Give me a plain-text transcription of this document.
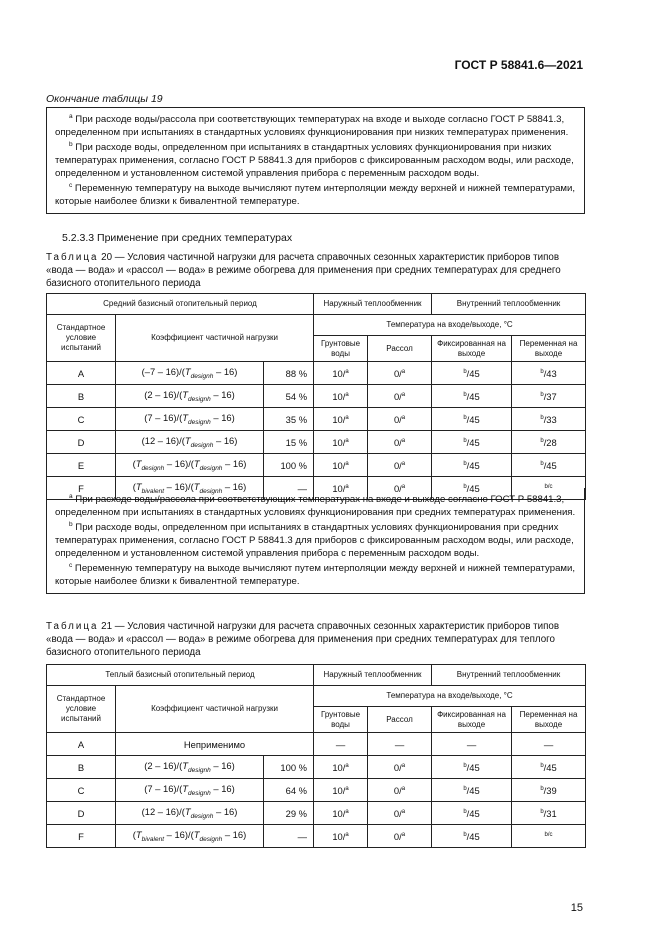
ГОСТ Р 58841.6—2021
Окончание таблицы 19

$^a$ При расходе воды/рассола при соответствующих температурах на входе и выходе согласно ГОСТ Р 58841.3, определенном при испытаниях в стандартных условиях функционирования при низких температурах применения.

$^b$ При расходе воды, определенном при испытаниях в стандартных условиях функционирования при низких температурах применения, согласно ГОСТ Р 58841.3 для приборов с фиксированным расходом воды, или расходе, определенном и установленном системой управления прибора с переменным расходом воды.

$^c$ Переменную температуру на выходе вычисляют путем интерполяции между верхней и нижней температурами, которые наиболее близки к бивалентной температуре.

5.2.3.3 Применение при средних температурах
Таблица 20 — Условия частичной нагрузки для расчета справочных сезонных характеристик приборов типов «вода — вода» и «рассол — вода» в режиме обогрева для применения при средних температурах для среднего базисного отопительного периода
Средний базисный отопительный период			Наружный теплообменник		Внутренний теплообменник	
Стандартное условие испытаний	Коэффициент частичной нагрузки		Температура на входе/выходе, °C			
			Грунтовые воды	Рассол	Фиксированная на выходе	Переменная на выходе
A	$(-7 - 16)/(T_{designh} - 16)$	88 %	10/$^a$	0/$^a$	$^b$/45	$^b$/43
B	$(2 - 16)/(T_{designh} - 16)$	54 %	10/$^a$	0/$^a$	$^b$/45	$^b$/37
C	$(7 - 16)/(T_{designh} - 16)$	35 %	10/$^a$	0/$^a$	$^b$/45	$^b$/33
D	$(12 - 16)/(T_{designh} - 16)$	15 %	10/$^a$	0/$^a$	$^b$/45	$^b$/28
E	$(T_{designh} - 16)/(T_{designh} - 16)$	100 %	10/$^a$	0/$^a$	$^b$/45	$^b$/45
F	$(T_{bivalent} - 16)/(T_{designh} - 16)$	—	10/$^a$	0/$^a$	$^b$/45	$^{b/c}$

$^a$ При расходе воды/рассола при соответствующих температурах на входе и выходе согласно ГОСТ Р 58841.3, определенном при испытаниях в стандартных условиях функционирования при средних температурах применения.

$^b$ При расходе воды, определенном при испытаниях в стандартных условиях функционирования при средних температурах применения, согласно ГОСТ Р 58841.3 для приборов с фиксированным расходом воды, или расходе, определенном и установленном системой управления прибора с переменным расходом воды.

$^c$ Переменную температуру на выходе вычисляют путем интерполяции между верхней и нижней температурами, которые наиболее близки к бивалентной температуре.

Таблица 21 — Условия частичной нагрузки для расчета справочных сезонных характеристик приборов типов «вода — вода» и «рассол — вода» в режиме обогрева для применения при средних температурах для теплого базисного отопительного периода
Теплый базисный отопительный период			Наружный теплообменник		Внутренний теплообменник	
Стандартное условие испытаний	Коэффициент частичной нагрузки		Температура на входе/выходе, °C			
			Грунтовые воды	Рассол	Фиксированная на выходе	Переменная на выходе
A	Неприменимо		—	—	—	—
B	$(2 - 16)/(T_{designh} - 16)$	100 %	10/$^a$	0/$^a$	$^b$/45	$^b$/45
C	$(7 - 16)/(T_{designh} - 16)$	64 %	10/$^a$	0/$^a$	$^b$/45	$^b$/39
D	$(12 - 16)/(T_{designh} - 16)$	29 %	10/$^a$	0/$^a$	$^b$/45	$^b$/31
F	$(T_{bivalent} - 16)/(T_{designh} - 16)$	—	10/$^a$	0/$^a$	$^b$/45	$^{b/c}$
15
